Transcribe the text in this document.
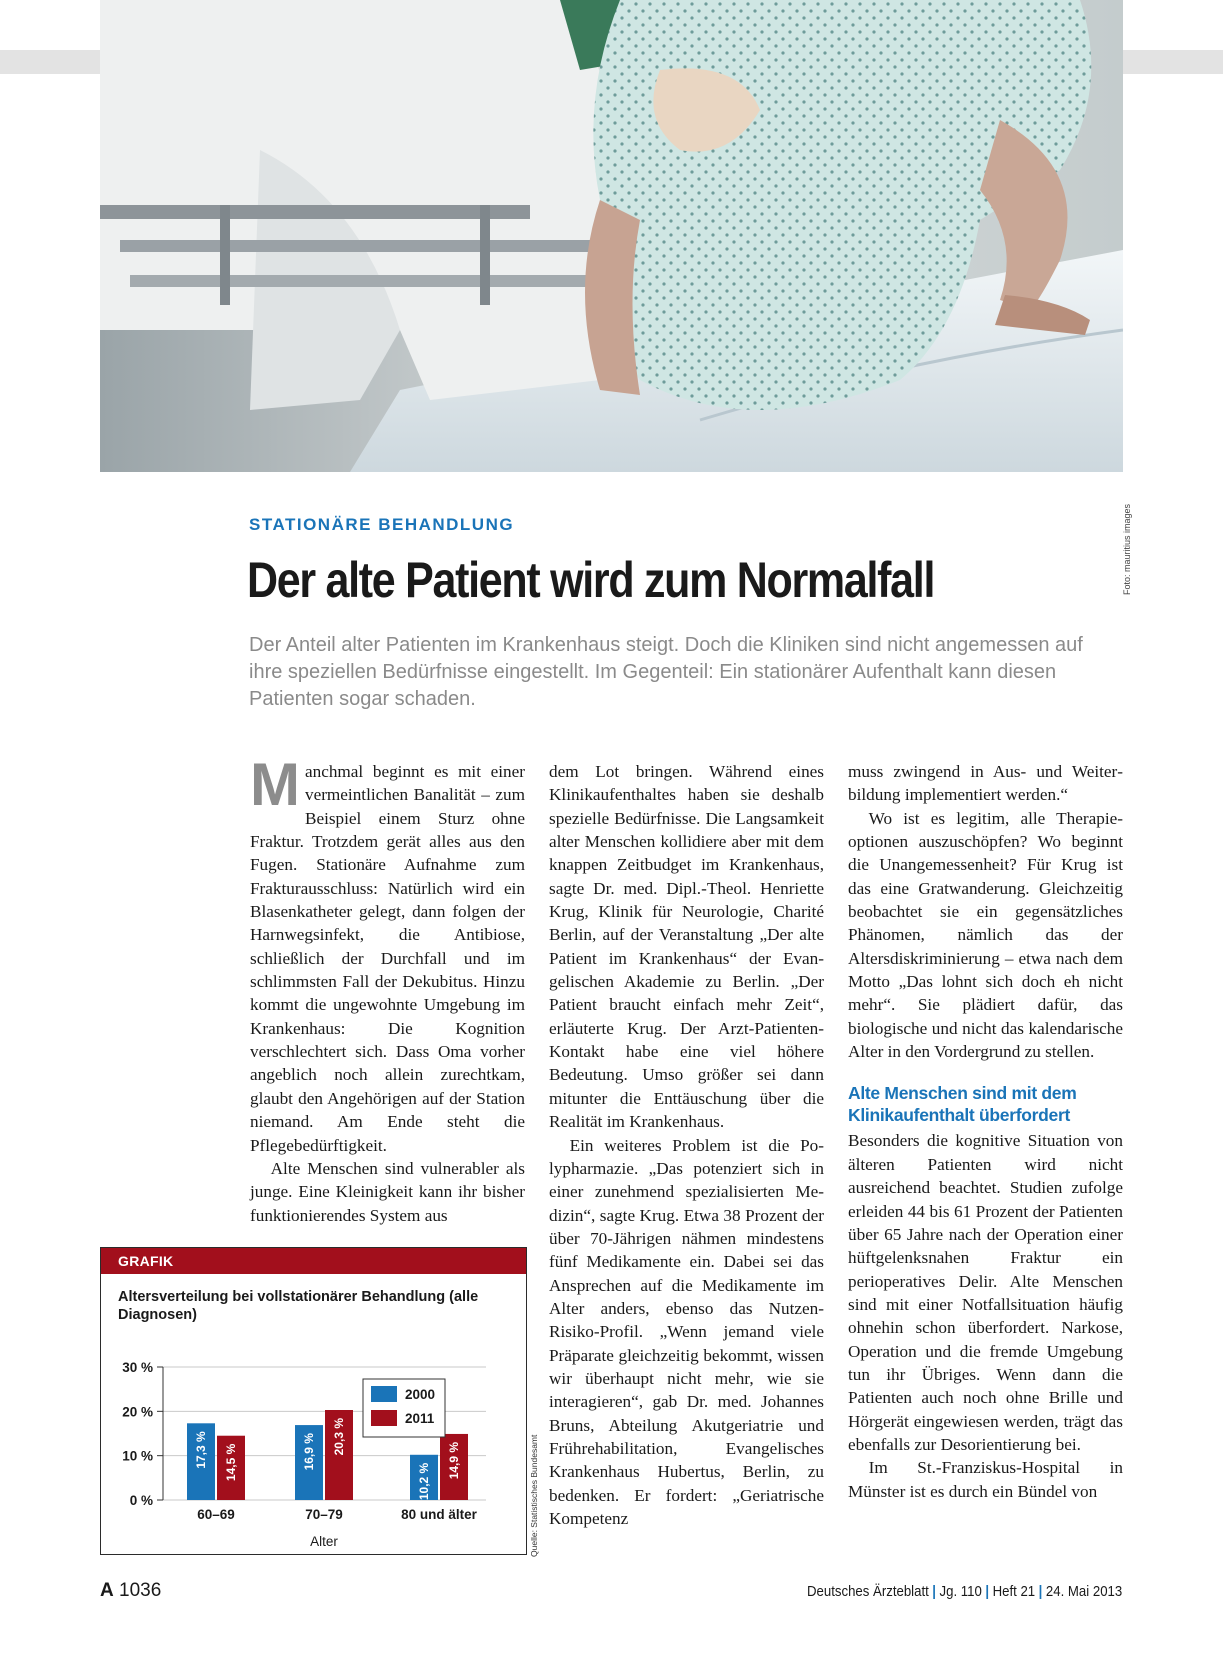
Foto: mauritius images
STATIONÄRE BEHANDLUNG
Der alte Patient wird zum Normalfall
Der Anteil alter Patienten im Krankenhaus steigt. Doch die Kliniken sind nicht angemessen auf ihre speziellen Bedürfnisse eingestellt. Im Gegenteil: Ein stationärer Aufenthalt kann diesen Patienten sogar schaden.

Manchmal beginnt es mit einer vermeintlichen Banalität – zum Beispiel einem Sturz ohne Fraktur. Trotzdem gerät alles aus den Fugen. Stationäre Aufnahme zum Frakturausschluss: Natürlich wird ein Blasenkatheter gelegt, dann folgen der Harnwegsinfekt, die Antibiose, schließlich der Durchfall und im schlimmsten Fall der Dekubitus. Hinzu kommt die ungewohnte Umgebung im Krankenhaus: Die Kognition verschlechtert sich. Dass Oma vorher angeblich noch allein zurechtkam, glaubt den Angehörigen auf der Station niemand. Am Ende steht die Pflegebedürftigkeit.

Alte Menschen sind vulnerabler als junge. Eine Kleinigkeit kann ihr bisher funktionierendes System aus

dem Lot bringen. Während eines Klinikaufenthaltes haben sie deshalb spezielle Bedürfnisse. Die Langsamkeit alter Menschen kollidiere aber mit dem knappen Zeitbudget im Krankenhaus, sagte Dr. med. Dipl.-Theol. Henriette Krug, Klinik für Neurologie, Charité Berlin, auf der Veranstaltung „Der alte Patient im Krankenhaus“ der Evangelischen Akademie zu Berlin. „Der Patient braucht einfach mehr Zeit“, erläuterte Krug. Der Arzt-Patienten-Kontakt habe eine viel höhere Bedeutung. Umso größer sei dann mitunter die Enttäuschung über die Realität im Krankenhaus.

Ein weiteres Problem ist die Polypharmazie. „Das potenziert sich in einer zunehmend spezialisierten Medizin“, sagte Krug. Etwa 38 Prozent der über 70-Jährigen nähmen mindestens fünf Medikamente ein. Dabei sei das Ansprechen auf die Medikamente im Alter anders, ebenso das Nutzen-Risiko-Profil. „Wenn jemand viele Präparate gleichzeitig bekommt, wissen wir überhaupt nicht mehr, wie sie interagieren“, gab Dr. med. Johannes Bruns, Abteilung Akutgeriatrie und Frührehabilitation, Evangelisches Krankenhaus Hubertus, Berlin, zu bedenken. Er fordert: „Geriatrische Kompetenz

muss zwingend in Aus- und Weiterbildung implementiert werden.“

Wo ist es legitim, alle Therapieoptionen auszuschöpfen? Wo beginnt die Unangemessenheit? Für Krug ist das eine Gratwanderung. Gleichzeitig beobachtet sie ein gegensätzliches Phänomen, nämlich das der Altersdiskriminierung – etwa nach dem Motto „Das lohnt sich doch eh nicht mehr“. Sie plädiert dafür, das biologische und nicht das kalendarische Alter in den Vordergrund zu stellen.

Alte Menschen sind mit dem Klinikaufenthalt überfordert

Besonders die kognitive Situation von älteren Patienten wird nicht ausreichend beachtet. Studien zufolge erleiden 44 bis 61 Prozent der Patienten über 65 Jahre nach der Operation einer hüftgelenksnahen Fraktur ein perioperatives Delir. Alte Menschen sind mit einer Notfallsituation häufig ohnehin schon überfordert. Narkose, Operation und die fremde Umgebung tun ihr Übriges. Wenn dann die Patienten auch noch ohne Brille und Hörgerät eingewiesen werden, trägt das ebenfalls zur Desorientierung bei.

Im St.-Franziskus-Hospital in Münster ist es durch ein Bündel von

GRAFIK
Altersverteilung bei vollstationärer Behandlung (alle Diagnosen)
0 %
10 %
20 %
30 %
17,3 % 14,5 %
60–69
16,9 % 20,3 %
70–79
10,2 %
14,9 %
80 und älter
Alter
2000
2011
Quelle: Statistisches Bundesamt
A 1036	Deutsches Ärzteblatt | Jg. 110 | Heft 21 | 24. Mai 2013
